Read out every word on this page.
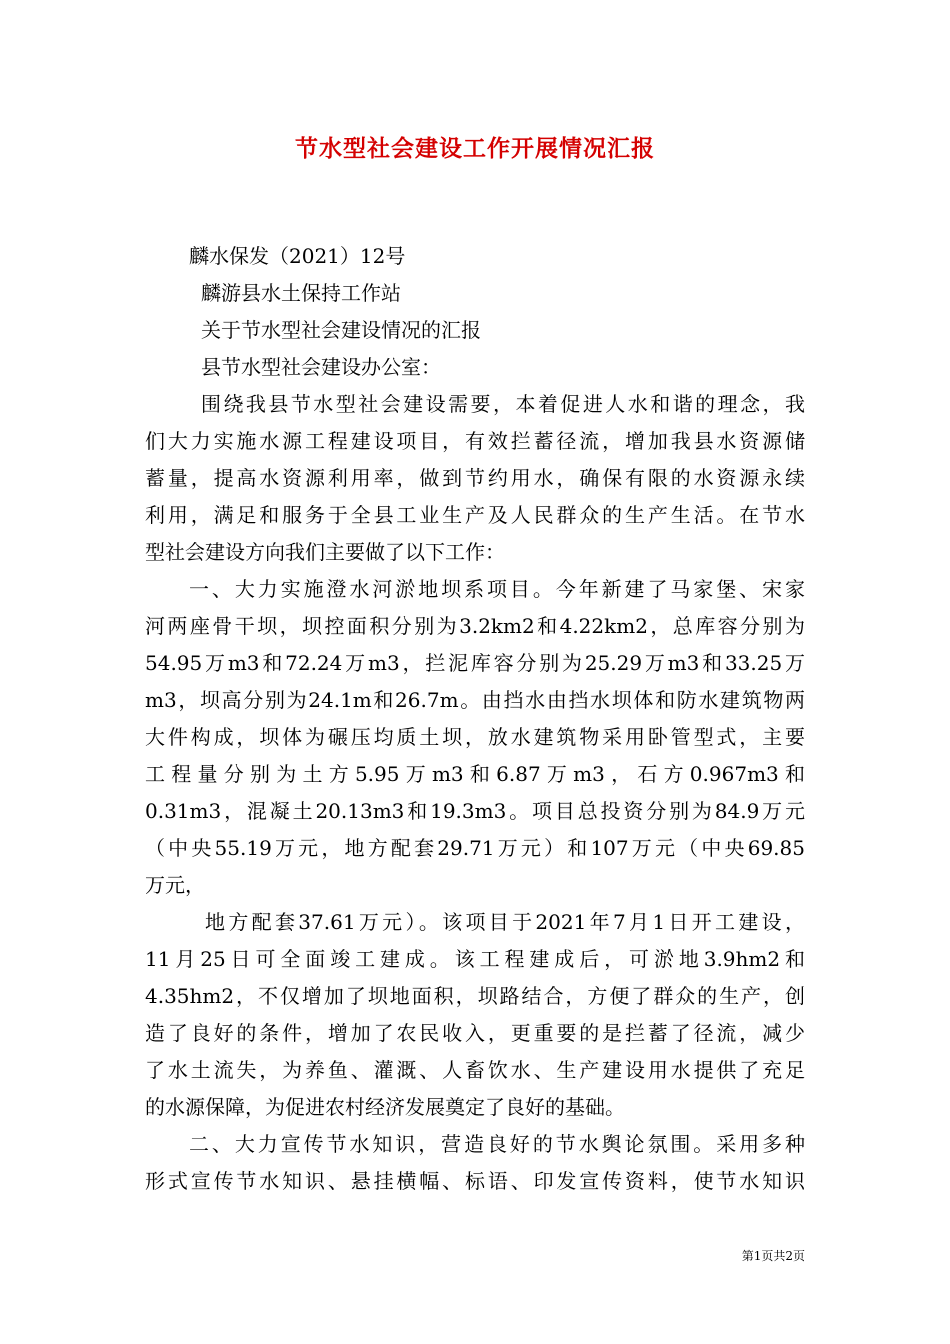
节水型社会建设工作开展情况汇报
麟水保发（2021）12号
麟游县水土保持工作站
关于节水型社会建设情况的汇报
县节水型社会建设办公室：
围绕我县节水型社会建设需要，本着促进人水和谐的理念，我
们大力实施水源工程建设项目，有效拦蓄径流，增加我县水资源储
蓄量，提高水资源利用率，做到节约用水，确保有限的水资源永续
利用，满足和服务于全县工业生产及人民群众的生产生活。在节水
型社会建设方向我们主要做了以下工作：
一、大力实施澄水河淤地坝系项目。今年新建了马家堡、宋家
河两座骨干坝，坝控面积分别为3.2km2和4.22km2，总库容分别为
54.95万m3和72.24万m3，拦泥库容分别为25.29万m3和33.25万
m3，坝高分别为24.1m和26.7m。由挡水由挡水坝体和防水建筑物两
大件构成，坝体为碾压均质土坝，放水建筑物采用卧管型式，主要
工程量分别为土方5.95万m3和6.87万m3，石方0.967m3和
0.31m3，混凝土20.13m3和19.3m3。项目总投资分别为84.9万元
（中央55.19万元，地方配套29.71万元）和107万元（中央69.85
万元，
地方配套37.61万元）。该项目于2021年7月1日开工建设，
11月25日可全面竣工建成。该工程建成后，可淤地3.9hm2和
4.35hm2，不仅增加了坝地面积，坝路结合，方便了群众的生产，创
造了良好的条件，增加了农民收入，更重要的是拦蓄了径流，减少
了水土流失，为养鱼、灌溉、人畜饮水、生产建设用水提供了充足
的水源保障，为促进农村经济发展奠定了良好的基础。
二、大力宣传节水知识，营造良好的节水舆论氛围。采用多种
形式宣传节水知识、悬挂横幅、标语、印发宣传资料，使节水知识
第1页共2页
